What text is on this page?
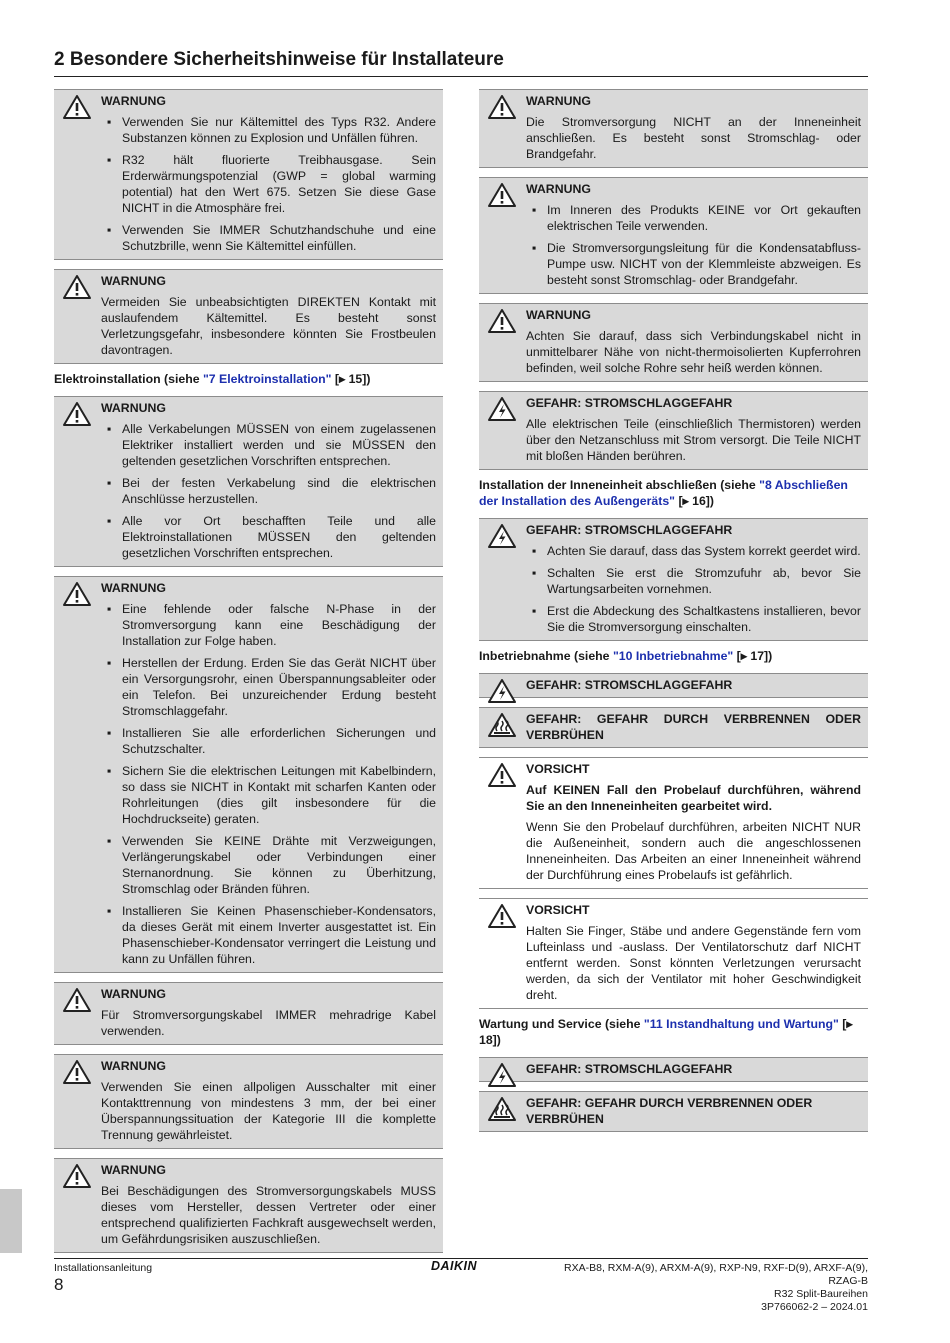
2 Besondere Sicherheitshinweise für Installateure

WARNUNG

▪ Verwenden Sie nur Kältemittel des Typs R32. Andere Substanzen können zu Explosion und Unfällen führen.
▪ R32 hält fluorierte Treibhausgase. Sein Erderwärmungspotenzial (GWP = global warming potential) hat den Wert 675. Setzen Sie diese Gase NICHT in die Atmosphäre frei.
▪ Verwenden Sie IMMER Schutzhandschuhe und eine Schutzbrille, wenn Sie Kältemittel einfüllen.

WARNUNG

Vermeiden Sie unbeabsichtigten DIREKTEN Kontakt mit auslaufendem Kältemittel. Es besteht sonst Verletzungsgefahr, insbesondere könnten Sie Frostbeulen davontragen.

Elektroinstallation (siehe "7 Elektroinstallation" [▸ 15])

WARNUNG

▪ Alle Verkabelungen MÜSSEN von einem zugelassenen Elektriker installiert werden und sie MÜSSEN den geltenden gesetzlichen Vorschriften entsprechen.
▪ Bei der festen Verkabelung sind die elektrischen Anschlüsse herzustellen.
▪ Alle vor Ort beschafften Teile und alle Elektroinstallationen MÜSSEN den geltenden gesetzlichen Vorschriften entsprechen.

WARNUNG

▪ Eine fehlende oder falsche N-Phase in der Stromversorgung kann eine Beschädigung der Installation zur Folge haben.
▪ Herstellen der Erdung. Erden Sie das Gerät NICHT über ein Versorgungsrohr, einen Überspannungsableiter oder ein Telefon. Bei unzureichender Erdung besteht Stromschlaggefahr.
▪ Installieren Sie alle erforderlichen Sicherungen und Schutzschalter.
▪ Sichern Sie die elektrischen Leitungen mit Kabelbindern, so dass sie NICHT in Kontakt mit scharfen Kanten oder Rohrleitungen (dies gilt insbesondere für die Hochdruckseite) geraten.
▪ Verwenden Sie KEINE Drähte mit Verzweigungen, Verlängerungskabel oder Verbindungen einer Sternanordnung. Sie können zu Überhitzung, Stromschlag oder Bränden führen.
▪ Installieren Sie Keinen Phasenschieber-Kondensators, da dieses Gerät mit einem Inverter ausgestattet ist. Ein Phasenschieber-Kondensator verringert die Leistung und kann zu Unfällen führen.

WARNUNG

Für Stromversorgungskabel IMMER mehradrige Kabel verwenden.

WARNUNG

Verwenden Sie einen allpoligen Ausschalter mit einer Kontakttrennung von mindestens 3 mm, der bei einer Überspannungssituation der Kategorie III die komplette Trennung gewährleistet.

WARNUNG

Bei Beschädigungen des Stromversorgungskabels MUSS dieses vom Hersteller, dessen Vertreter oder einer entsprechend qualifizierten Fachkraft ausgewechselt werden, um Gefährdungsrisiken auszuschließen.

WARNUNG

Die Stromversorgung NICHT an der Inneneinheit anschließen. Es besteht sonst Stromschlag- oder Brandgefahr.

WARNUNG

▪ Im Inneren des Produkts KEINE vor Ort gekauften elektrischen Teile verwenden.
▪ Die Stromversorgungsleitung für die Kondensatabfluss-Pumpe usw. NICHT von der Klemmleiste abzweigen. Es besteht sonst Stromschlag- oder Brandgefahr.

WARNUNG

Achten Sie darauf, dass sich Verbindungskabel nicht in unmittelbarer Nähe von nicht-thermoisolierten Kupferrohren befinden, weil solche Rohre sehr heiß werden können.

GEFAHR: STROMSCHLAGGEFAHR

Alle elektrischen Teile (einschließlich Thermistoren) werden über den Netzanschluss mit Strom versorgt. Die Teile NICHT mit bloßen Händen berühren.

Installation der Inneneinheit abschließen (siehe "8 Abschließen der Installation des Außengeräts" [▸ 16])

GEFAHR: STROMSCHLAGGEFAHR

▪ Achten Sie darauf, dass das System korrekt geerdet wird.
▪ Schalten Sie erst die Stromzufuhr ab, bevor Sie Wartungsarbeiten vornehmen.
▪ Erst die Abdeckung des Schaltkastens installieren, bevor Sie die Stromversorgung einschalten.
Inbetriebnahme (siehe "10 Inbetriebnahme" [▸ 17])

GEFAHR: STROMSCHLAGGEFAHR

GEFAHR: GEFAHR DURCH VERBRENNEN ODER VERBRÜHEN

VORSICHT

Auf KEINEN Fall den Probelauf durchführen, während Sie an den Inneneinheiten gearbeitet wird.

Wenn Sie den Probelauf durchführen, arbeiten NICHT NUR die Außeneinheit, sondern auch die angeschlossenen Inneneinheiten. Das Arbeiten an einer Inneneinheit während der Durchführung eines Probelaufs ist gefährlich.

VORSICHT

Halten Sie Finger, Stäbe und andere Gegenstände fern vom Lufteinlass und -auslass. Der Ventilatorschutz darf NICHT entfernt werden. Sonst könnten Verletzungen verursacht werden, da sich der Ventilator mit hoher Geschwindigkeit dreht.

Wartung und Service (siehe "11 Instandhaltung und Wartung" [▸ 18])

GEFAHR: STROMSCHLAGGEFAHR

GEFAHR: GEFAHR DURCH VERBRENNEN ODER VERBRÜHEN

Installationsanleitung
8
DAIKIN	RXA-B8, RXM-A(9), ARXM-A(9), RXP-N9, RXF-D(9), ARXF-A(9),
RZAG-B
R32 Split-Baureihen
3P766062-2 – 2024.01
